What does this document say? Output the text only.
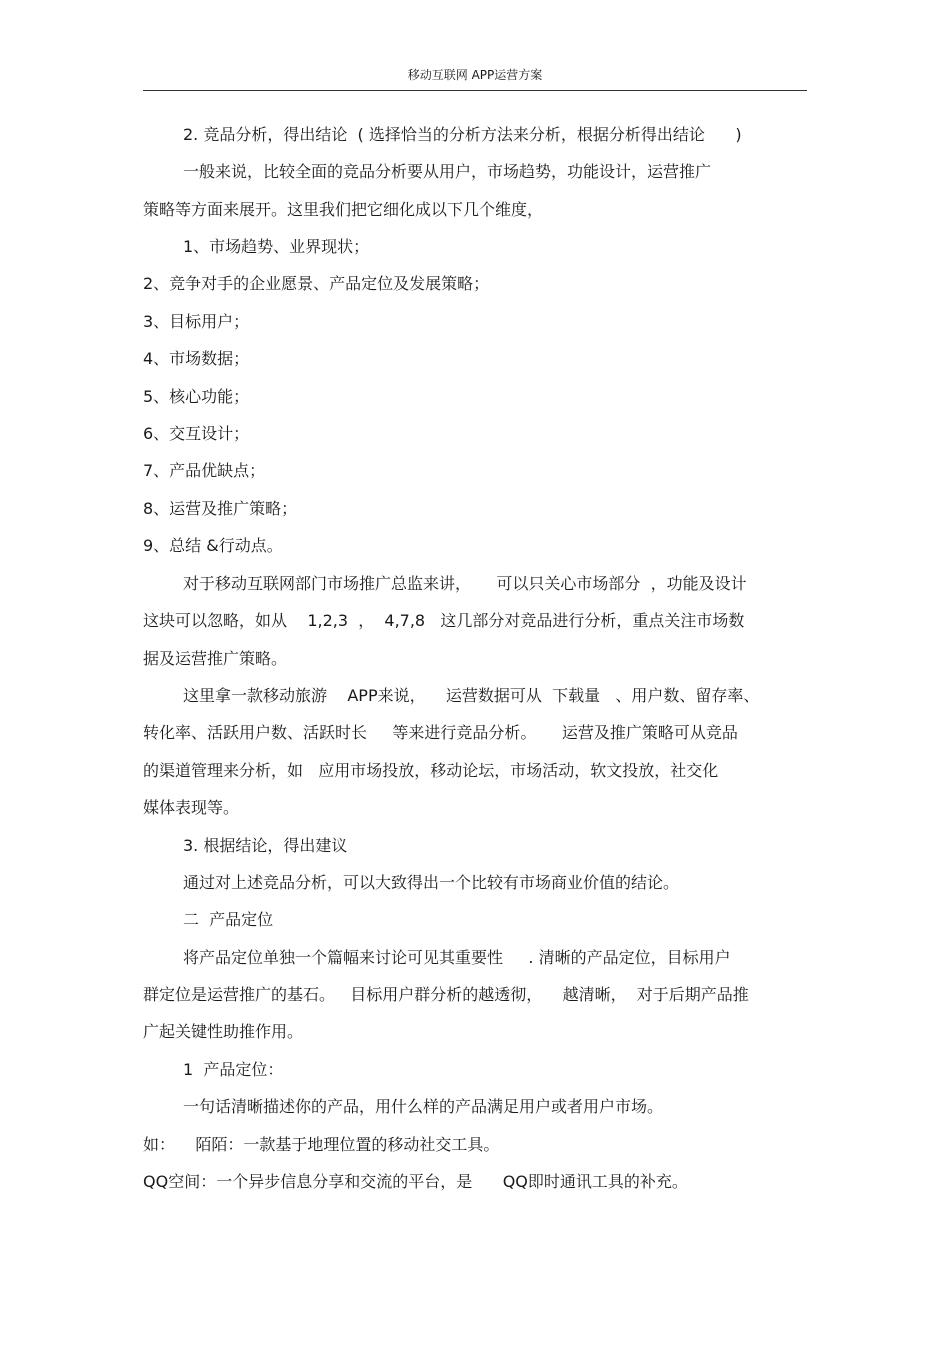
移动互联网 APP运营方案
2. 竞品分析，得出结论  ( 选择恰当的分析方法来分析，根据分析得出结论      )
一般来说，比较全面的竞品分析要从用户，市场趋势，功能设计，运营推广
策略等方面来展开。这里我们把它细化成以下几个维度，
1、市场趋势、业界现状；
2、竞争对手的企业愿景、产品定位及发展策略；
3、目标用户；
4、市场数据；
5、核心功能；
6、交互设计；
7、产品优缺点；
8、运营及推广策略；
9、总结 &行动点。
对于移动互联网部门市场推广总监来讲，     可以只关心市场部分  ，功能及设计
这块可以忽略，如从    1,2,3  ，  4,7,8   这几部分对竞品进行分析，重点关注市场数
据及运营推广策略。
这里拿一款移动旅游    APP来说，    运营数据可从  下载量   、用户数、留存率、
转化率、活跃用户数、活跃时长     等来进行竞品分析。     运营及推广策略可从竞品
的渠道管理来分析，如   应用市场投放，移动论坛，市场活动，软文投放，社交化
媒体表现等。
3. 根据结论，得出建议
通过对上述竞品分析，可以大致得出一个比较有市场商业价值的结论。
二  产品定位
将产品定位单独一个篇幅来讨论可见其重要性     . 清晰的产品定位，目标用户
群定位是运营推广的基石。   目标用户群分析的越透彻，    越清晰，  对于后期产品推
广起关键性助推作用。
1  产品定位：
一句话清晰描述你的产品，用什么样的产品满足用户或者用户市场。
如：    陌陌：一款基于地理位置的移动社交工具。
QQ空间：一个异步信息分享和交流的平台，是      QQ即时通讯工具的补充。
